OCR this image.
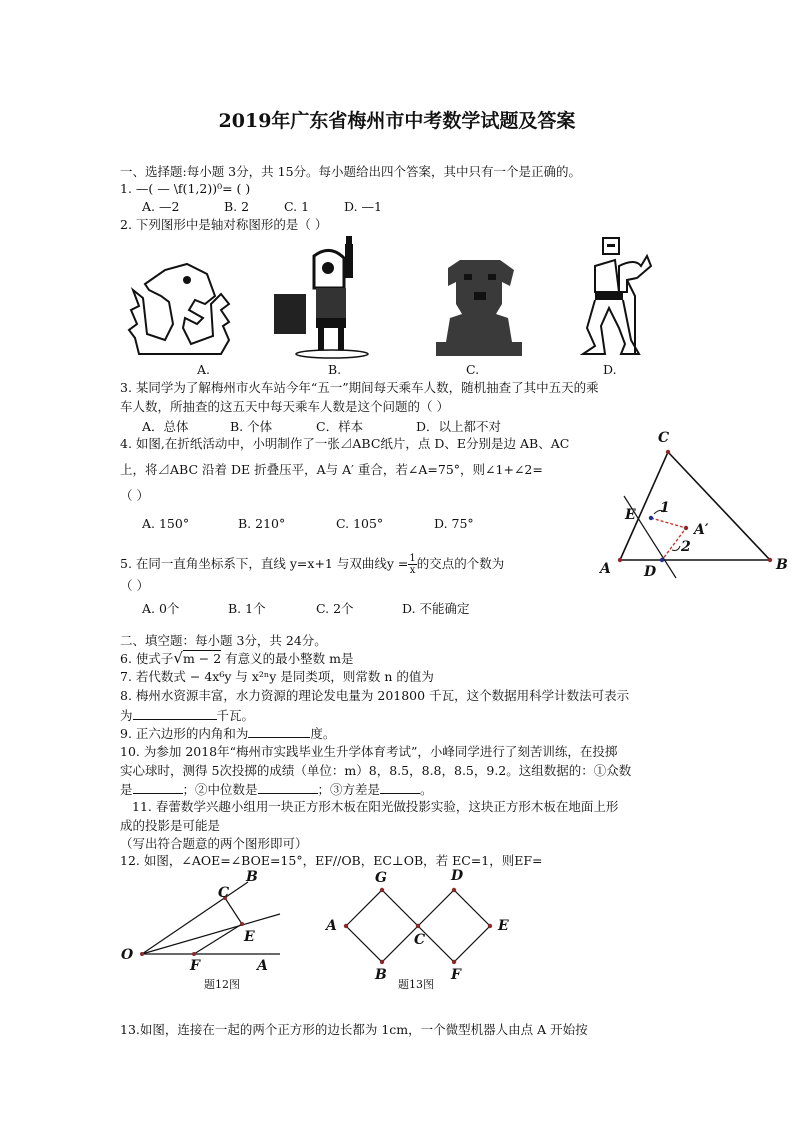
2019年广东省梅州市中考数学试题及答案
一、选择题:每小题 3分，共 15分。每小题给出四个答案，其中只有一个是正确的。
1. —( — \f(1,2))⁰= ( )
A. —2	B. 2	C. 1	D. —1
2. 下列图形中是轴对称图形的是（ ）
A.	B.	C.	D.
3. 某同学为了解梅州市火车站今年“五一”期间每天乘车人数，随机抽查了其中五天的乘
车人数，所抽查的这五天中每天乘车人数是这个问题的（ ）
A．总体	B. 个体	C．样本	D．以上都不对
4. 如图,在折纸活动中，小明制作了一张⊿ABC纸片，点 D、E分别是边 AB、AC
上，将⊿ABC 沿着 DE 折叠压平，A与 A′ 重合，若∠A=75°，则∠1+∠2=
（ ）
A. 150°	B. 210°	C. 105°	D. 75°
C
E 1
A′
2
A D	B
5. 在同一直角坐标系下，直线 y=x+1 与双曲线$y = \frac{1}{x}$ 的交点的个数为
（ ）
A. 0个	B. 1个	C. 2个	D. 不能确定
二、填空题：每小题 3分，共 24分。
6. 使式子√m − 2 有意义的最小整数 m是
7. 若代数式 − 4x⁶y 与 x²ⁿy 是同类项，则常数 n 的值为
8. 梅州水资源丰富，水力资源的理论发电量为 201800 千瓦，这个数据用科学计数法可表示
为	千瓦。
9. 正六边形的内角和为	度。
10. 为参加 2018年“梅州市实践毕业生升学体育考试”，小峰同学进行了刻苦训练，在投掷
实心球时，测得 5次投掷的成绩（单位：m）8，8.5，8.8，8.5，9.2。这组数据的：①众数
是	；②中位数是	；③方差是	。
11. 春蕾数学兴趣小组用一块正方形木板在阳光做投影实验，这块正方形木板在地面上形
成的投影是可能是
（写出符合题意的两个图形即可）
12. 如图，∠AOE=∠BOE=15°，EF//OB，EC⊥OB，若 EC=1，则EF=
B
C
E
O
F	A
题12图
G	D
A
C
E
B	F
题13图
13.如图，连接在一起的两个正方形的边长都为 1cm，一个微型机器人由点 A 开始按
